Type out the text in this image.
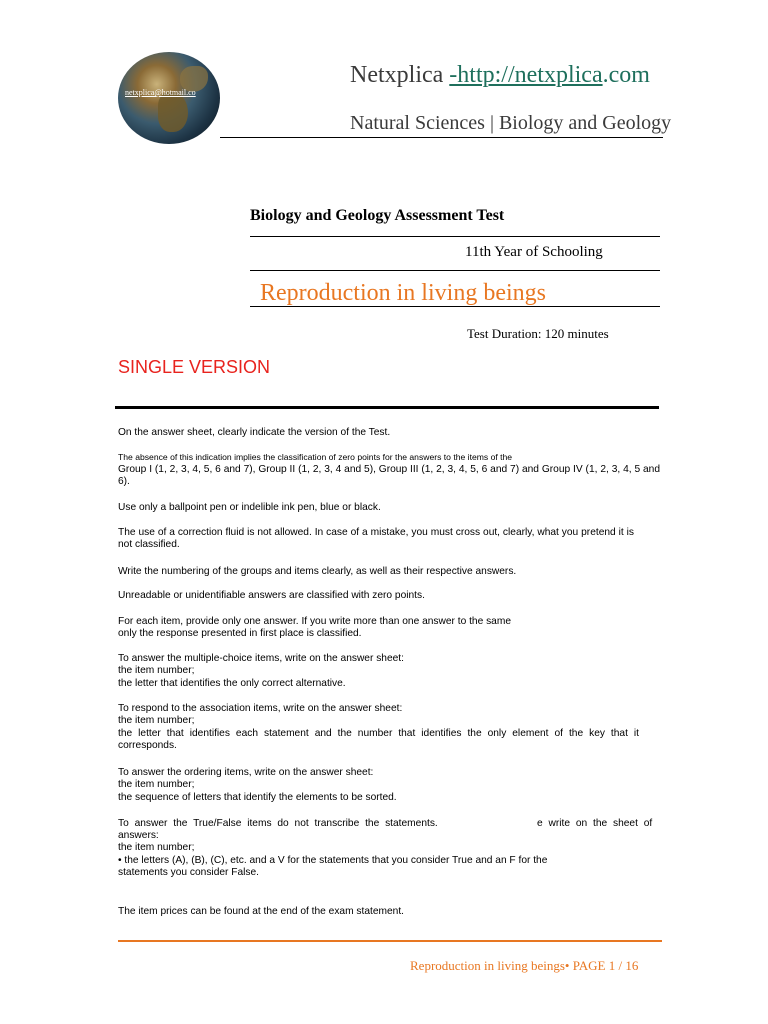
netxplica@hotmail.co
Netxplica -http://netxplica.com
Natural Sciences | Biology and Geology
Biology and Geology Assessment Test
11th Year of Schooling
Reproduction in living beings
Test Duration: 120 minutes
SINGLE VERSION
On the answer sheet, clearly indicate the version of the Test.
The absence of this indication implies the classification of zero points for the answers to the items of the
Group I (1, 2, 3, 4, 5, 6 and 7), Group II (1, 2, 3, 4 and 5), Group III (1, 2, 3, 4, 5, 6 and 7) and Group IV (1, 2, 3, 4, 5 and 6).
Use only a ballpoint pen or indelible ink pen, blue or black.
The use of a correction fluid is not allowed. In case of a mistake, you must cross out, clearly, what you pretend it is not classified.
Write the numbering of the groups and items clearly, as well as their respective answers.
Unreadable or unidentifiable answers are classified with zero points.
For each item, provide only one answer. If you write more than one answer to the same
only the response presented in first place is classified.
To answer the multiple-choice items, write on the answer sheet:
the item number;
the letter that identifies the only correct alternative.
To respond to the association items, write on the answer sheet:
the item number;
the letter that identifies each statement and the number that identifies the only element of the key that it corresponds.
To answer the ordering items, write on the answer sheet:
the item number;
the sequence of letters that identify the elements to be sorted.
To answer the True/False items do not transcribe the statements.	e write on the sheet of
answers:
the item number;
• the letters (A), (B), (C), etc. and a V for the statements that you consider True and an F for the statements you consider False.
The item prices can be found at the end of the exam statement.
Reproduction in living beings• PAGE 1 / 16
